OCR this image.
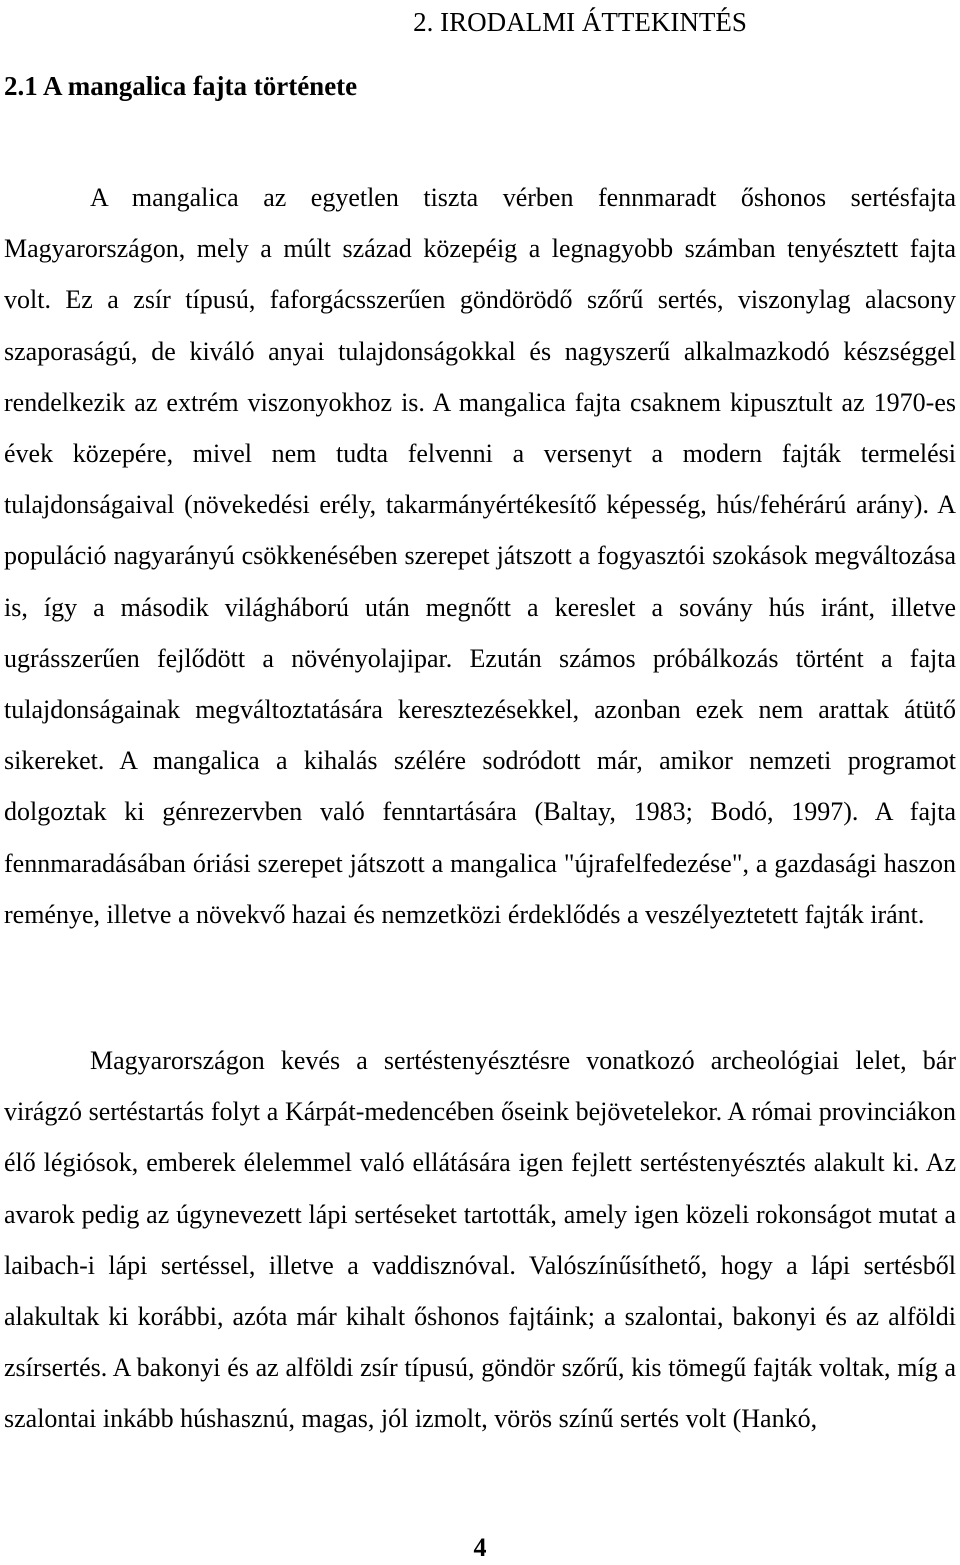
2. IRODALMI ÁTTEKINTÉS
2.1 A mangalica fajta története

A mangalica az egyetlen tiszta vérben fennmaradt őshonos sertésfajta Magyarországon, mely a múlt század közepéig a legnagyobb számban tenyésztett fajta volt. Ez a zsír típusú, faforgácsszerűen göndörödő szőrű sertés, viszonylag alacsony szaporaságú, de kiváló anyai tulajdonságokkal és nagyszerű alkalmazkodó készséggel rendelkezik az extrém viszonyokhoz is. A mangalica fajta csaknem kipusztult az 1970-es évek közepére, mivel nem tudta felvenni a versenyt a modern fajták termelési tulajdonságaival (növekedési erély, takarmányértékesítő képesség, hús/fehérárú arány). A populáció nagyarányú csökkenésében szerepet játszott a fogyasztói szokások megváltozása is, így a második világháború után megnőtt a kereslet a sovány hús iránt, illetve ugrásszerűen fejlődött a növényolajipar. Ezután számos próbálkozás történt a fajta tulajdonságainak megváltoztatására keresztezésekkel, azonban ezek nem arattak átütő sikereket. A mangalica a kihalás szélére sodródott már, amikor nemzeti programot dolgoztak ki génrezervben való fenntartására (Baltay, 1983; Bodó, 1997). A fajta fennmaradásában óriási szerepet játszott a mangalica "újrafelfedezése", a gazdasági haszon reménye, illetve a növekvő hazai és nemzetközi érdeklődés a veszélyeztetett fajták iránt.

Magyarországon kevés a sertéstenyésztésre vonatkozó archeológiai lelet, bár virágzó sertéstartás folyt a Kárpát-medencében őseink bejövetelekor. A római provinciákon élő légiósok, emberek élelemmel való ellátására igen fejlett sertéstenyésztés alakult ki. Az avarok pedig az úgynevezett lápi sertéseket tartották, amely igen közeli rokonságot mutat a laibach-i lápi sertéssel, illetve a vaddisznóval. Valószínűsíthető, hogy a lápi sertésből alakultak ki korábbi, azóta már kihalt őshonos fajtáink; a szalontai, bakonyi és az alföldi zsírsertés. A bakonyi és az alföldi zsír típusú, göndör szőrű, kis tömegű fajták voltak, míg a szalontai inkább húshasznú, magas, jól izmolt, vörös színű sertés volt (Hankó,

4
